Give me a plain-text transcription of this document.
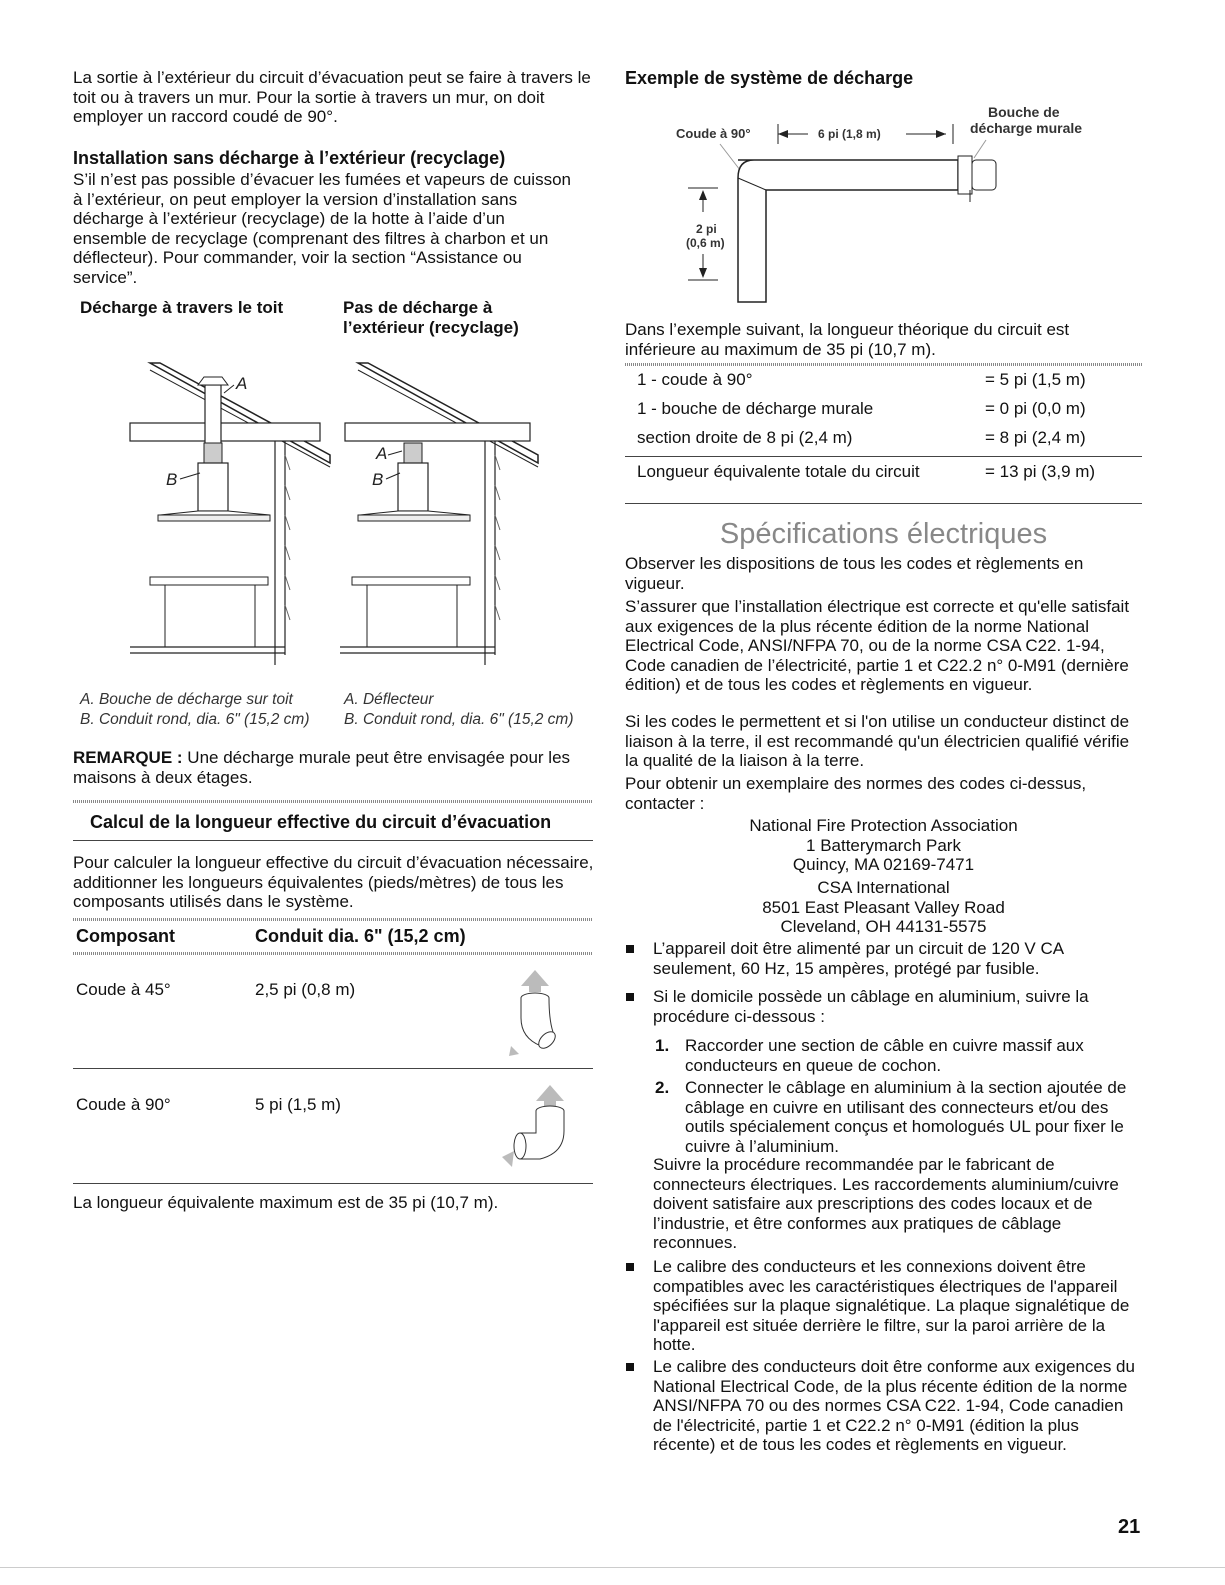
La sortie à l’extérieur du circuit d’évacuation peut se faire à travers le toit ou à travers un mur. Pour la sortie à travers un mur, on doit employer un raccord coudé de 90°.

Installation sans décharge à l’extérieur (recyclage)

S’il n’est pas possible d’évacuer les fumées et vapeurs de cuisson à l’extérieur, on peut employer la version d’installation sans décharge à l’extérieur (recyclage) de la hotte à l’aide d’un ensemble de recyclage (comprenant des filtres à charbon et un déflecteur). Pour commander, voir la section “Assistance ou service”.

Décharge à travers le toit	Pas de décharge à l’extérieur (recyclage)
A
B
A
B
A. Bouche de décharge sur toit
B. Conduit rond, dia. 6" (15,2 cm)
A. Déflecteur
B. Conduit rond, dia. 6" (15,2 cm)

REMARQUE : Une décharge murale peut être envisagée pour les maisons à deux étages.

Calcul de la longueur effective du circuit d’évacuation

Pour calculer la longueur effective du circuit d’évacuation nécessaire, additionner les longueurs équivalentes (pieds/mètres) de tous les composants utilisés dans le système.

Composant	Conduit dia. 6" (15,2 cm)
Coude à 45°	2,5 pi (0,8 m)
Coude à 90°	5 pi (1,5 m)
La longueur équivalente maximum est de 35 pi (10,7 m).
Exemple de système de décharge
Coude à 90°	6 pi (1,8 m)
Bouche de
décharge murale
2 pi
(0,6 m)

Dans l’exemple suivant, la longueur théorique du circuit est inférieure au maximum de 35 pi (10,7 m).

1 - coude à 90°	= 5 pi (1,5 m)
1 - bouche de décharge murale	= 0 pi (0,0 m)
section droite de 8 pi (2,4 m)	= 8 pi (2,4 m)
Longueur équivalente totale du circuit	= 13 pi (3,9 m)
Spécifications électriques

Observer les dispositions de tous les codes et règlements en vigueur.

S’assurer que l’installation électrique est correcte et qu'elle satisfait aux exigences de la plus récente édition de la norme National Electrical Code, ANSI/NFPA 70, ou de la norme CSA C22. 1-94, Code canadien de l’électricité, partie 1 et C22.2 n° 0-M91 (dernière édition) et de tous les codes et règlements en vigueur.

Si les codes le permettent et si l'on utilise un conducteur distinct de liaison à la terre, il est recommandé qu'un électricien qualifié vérifie la qualité de la liaison à la terre.

Pour obtenir un exemplaire des normes des codes ci-dessus, contacter :

National Fire Protection Association
1 Batterymarch Park
Quincy, MA 02169-7471
CSA International
8501 East Pleasant Valley Road
Cleveland, OH 44131-5575

L’appareil doit être alimenté par un circuit de 120 V CA seulement, 60 Hz, 15 ampères, protégé par fusible.

Si le domicile possède un câblage en aluminium, suivre la procédure ci-dessous :

1. Raccorder une section de câble en cuivre massif aux conducteurs en queue de cochon.

2. Connecter le câblage en aluminium à la section ajoutée de câblage en cuivre en utilisant des connecteurs et/ou des outils spécialement conçus et homologués UL pour fixer le cuivre à l’aluminium.

Suivre la procédure recommandée par le fabricant de connecteurs électriques. Les raccordements aluminium/cuivre doivent satisfaire aux prescriptions des codes locaux et de l’industrie, et être conformes aux pratiques de câblage reconnues.

Le calibre des conducteurs et les connexions doivent être compatibles avec les caractéristiques électriques de l'appareil spécifiées sur la plaque signalétique. La plaque signalétique de l'appareil est située derrière le filtre, sur la paroi arrière de la hotte.

Le calibre des conducteurs doit être conforme aux exigences du National Electrical Code, de la plus récente édition de la norme ANSI/NFPA 70 ou des normes CSA C22. 1-94, Code canadien de l'électricité, partie 1 et C22.2 n° 0-M91 (édition la plus récente) et de tous les codes et règlements en vigueur.

21
